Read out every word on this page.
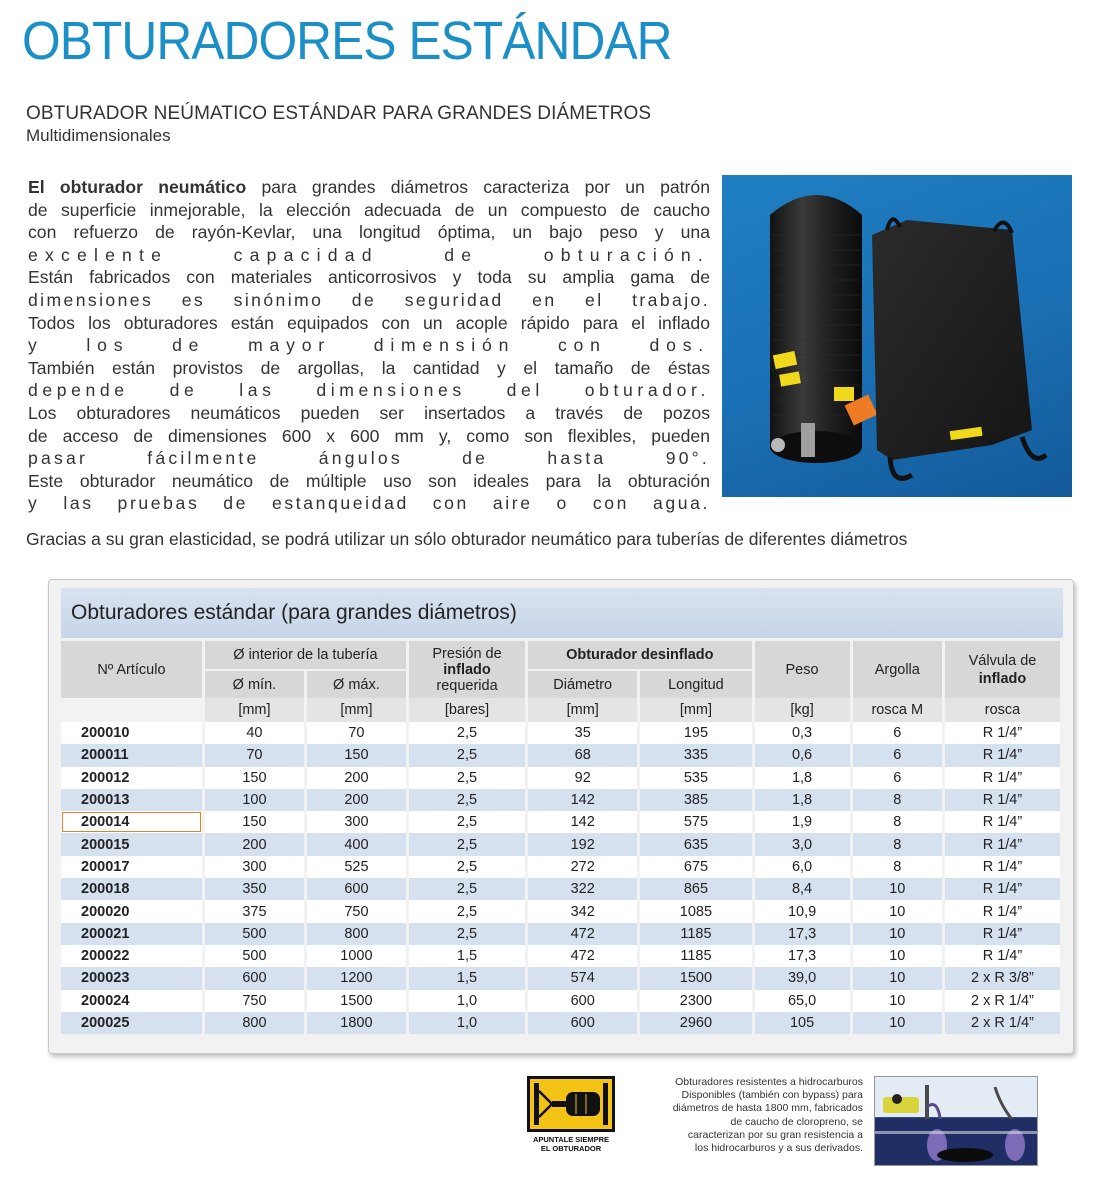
OBTURADORES ESTÁNDAR
OBTURADOR NEÚMATICO ESTÁNDAR PARA GRANDES DIÁMETROS
Multidimensionales
El obturador neumático para grandes diámetros caracteriza por un patrón
de superficie inmejorable, la elección adecuada de un compuesto de caucho
con refuerzo de rayón-Kevlar, una longitud óptima, un bajo peso y una
excelente capacidad de obturación.
Están fabricados con materiales anticorrosivos y toda su amplia gama de
dimensiones es sinónimo de seguridad en el trabajo.
Todos los obturadores están equipados con un acople rápido para el inflado
y los de mayor dimensión con dos.
También están provistos de argollas, la cantidad y el tamaño de éstas
depende de las dimensiones del obturador.
Los obturadores neumáticos pueden ser insertados a través de pozos
de acceso de dimensiones 600 x 600 mm y, como son flexibles, pueden
pasar fácilmente ángulos de hasta 90°.
Este obturador neumático de múltiple uso son ideales para la obturación
y las pruebas de estanqueidad con aire o con agua.
Gracias a su gran elasticidad, se podrá utilizar un sólo obturador neumático para tuberías de diferentes diámetros
Obturadores estándar (para grandes diámetros)
Nº Artículo	Ø interior de la tubería		Presión de
inflado
requerida	Obturador desinflado		Peso	Argolla	Válvula de
inflado
	Ø mín.	Ø máx.		Diámetro	Longitud			
	[mm]	[mm]	[bares]	[mm]	[mm]	[kg]	rosca M	rosca
200010	40	70	2,5	35	195	0,3	6	R 1/4”
200011	70	150	2,5	68	335	0,6	6	R 1/4”
200012	150	200	2,5	92	535	1,8	6	R 1/4”
200013	100	200	2,5	142	385	1,8	8	R 1/4”
200014	150	300	2,5	142	575	1,9	8	R 1/4”
200015	200	400	2,5	192	635	3,0	8	R 1/4”
200017	300	525	2,5	272	675	6,0	8	R 1/4”
200018	350	600	2,5	322	865	8,4	10	R 1/4”
200020	375	750	2,5	342	1085	10,9	10	R 1/4”
200021	500	800	2,5	472	1185	17,3	10	R 1/4”
200022	500	1000	1,5	472	1185	17,3	10	R 1/4”
200023	600	1200	1,5	574	1500	39,0	10	2 x R 3/8”
200024	750	1500	1,0	600	2300	65,0	10	2 x R 1/4”
200025	800	1800	1,0	600	2960	105	10	2 x R 1/4”
APUNTALE SIEMPRE
EL OBTURADOR
Obturadores resistentes a hidrocarburos
Disponibles (también con bypass) para
diámetros de hasta 1800 mm, fabricados
de caucho de cloropreno, se
caracterizan por su gran resistencia a
los hidrocarburos y a sus derivados.
